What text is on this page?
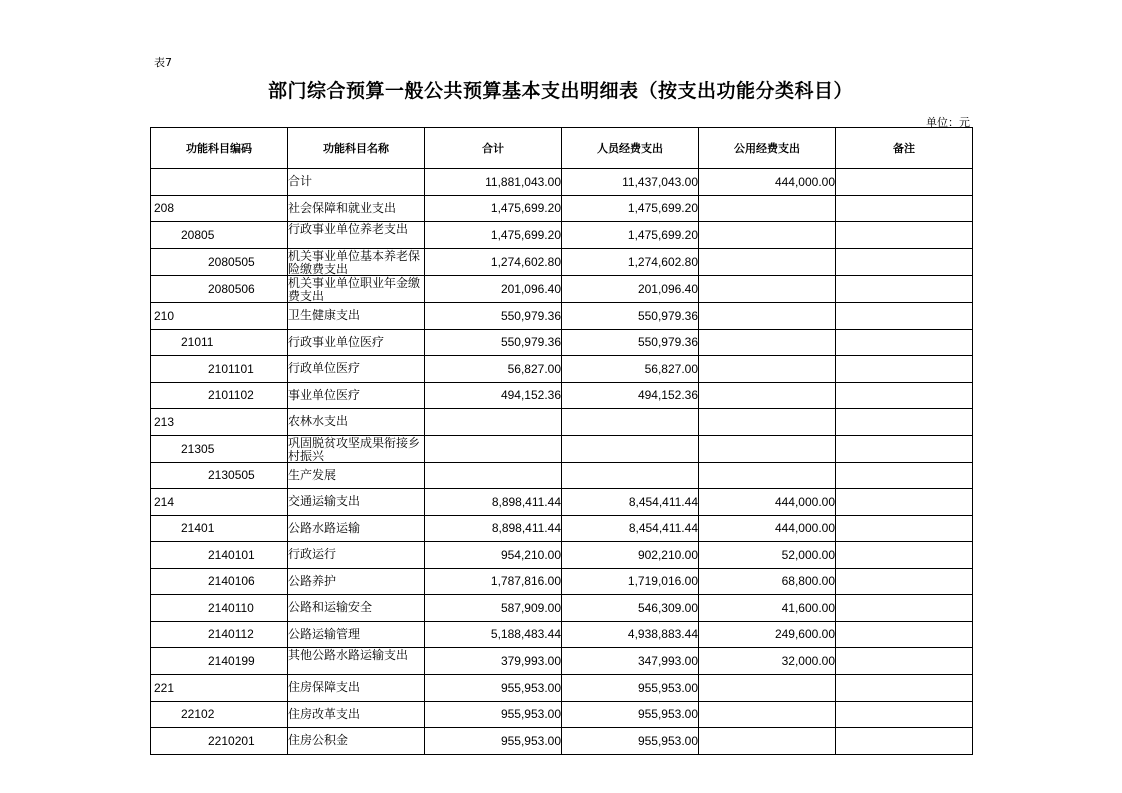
表7
部门综合预算一般公共预算基本支出明细表（按支出功能分类科目）
单位：元
功能科目编码	功能科目名称	合计	人员经费支出	公用经费支出	备注

	合计	11,881,043.00	11,437,043.00	444,000.00	
208	社会保障和就业支出	1,475,699.20	1,475,699.20		
20805	行政事业单位养老支出	1,475,699.20	1,475,699.20		
2080505	机关事业单位基本养老保险缴费支出	1,274,602.80	1,274,602.80		
2080506	机关事业单位职业年金缴费支出	201,096.40	201,096.40		
210	卫生健康支出	550,979.36	550,979.36		
21011	行政事业单位医疗	550,979.36	550,979.36		
2101101	行政单位医疗	56,827.00	56,827.00		
2101102	事业单位医疗	494,152.36	494,152.36		
213	农林水支出				

21305	巩固脱贫攻坚成果衔接乡村振兴				

2130505	生产发展				

214	交通运输支出	8,898,411.44	8,454,411.44	444,000.00	
21401	公路水路运输	8,898,411.44	8,454,411.44	444,000.00	
2140101	行政运行	954,210.00	902,210.00	52,000.00	
2140106	公路养护	1,787,816.00	1,719,016.00	68,800.00	
2140110	公路和运输安全	587,909.00	546,309.00	41,600.00	
2140112	公路运输管理	5,188,483.44	4,938,883.44	249,600.00	
2140199	其他公路水路运输支出	379,993.00	347,993.00	32,000.00	
221	住房保障支出	955,953.00	955,953.00		
22102	住房改革支出	955,953.00	955,953.00		
2210201	住房公积金	955,953.00	955,953.00		
